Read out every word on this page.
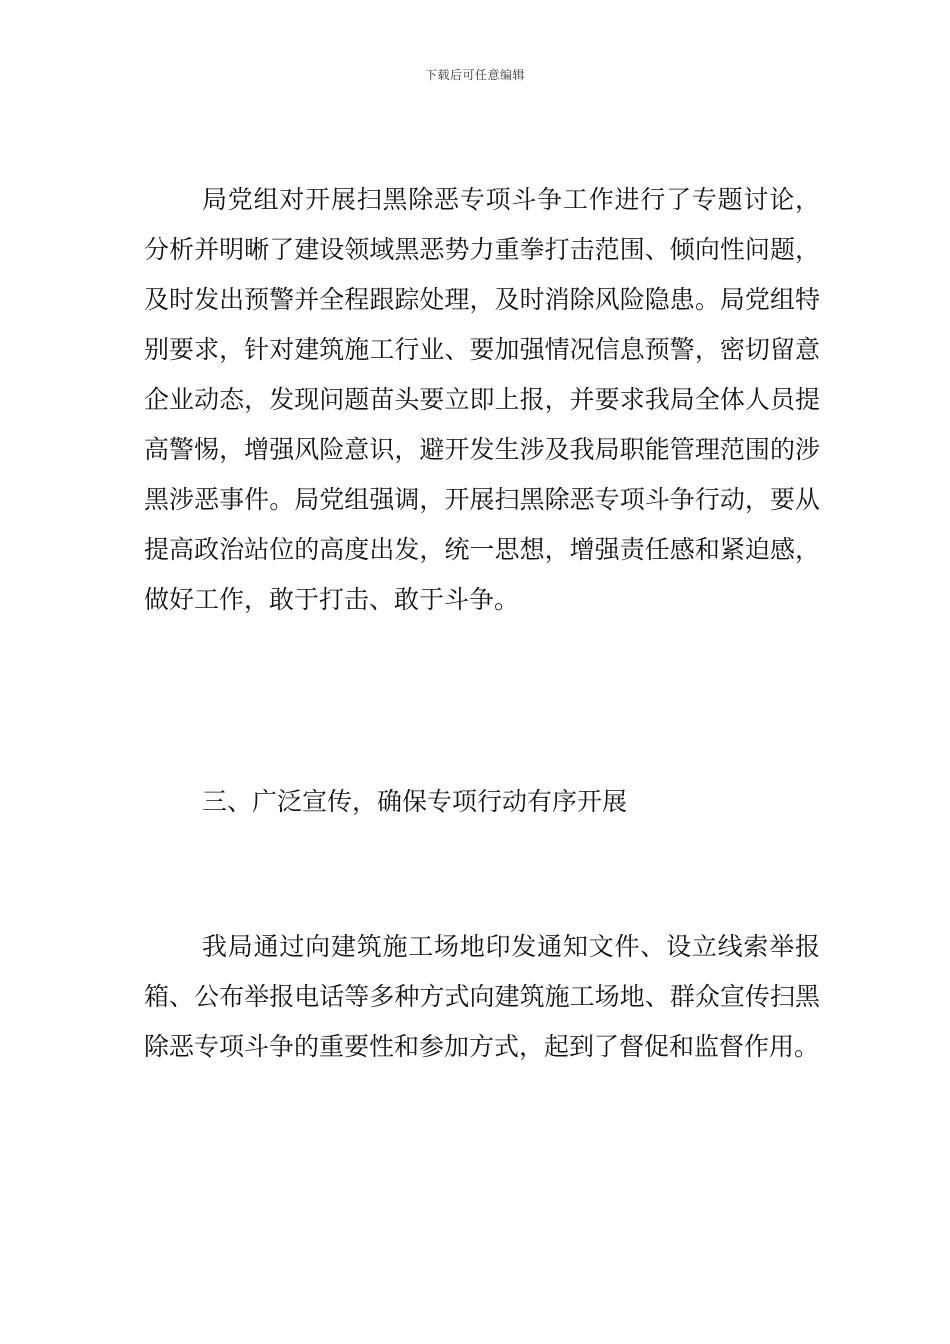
下载后可任意编辑

局党组对开展扫黑除恶专项斗争工作进行了专题讨论，分析并明晰了建设领域黑恶势力重拳打击范围、倾向性问题，及时发出预警并全程跟踪处理，及时消除风险隐患。局党组特别要求，针对建筑施工行业、要加强情况信息预警，密切留意企业动态，发现问题苗头要立即上报，并要求我局全体人员提高警惕，增强风险意识，避开发生涉及我局职能管理范围的涉黑涉恶事件。局党组强调，开展扫黑除恶专项斗争行动，要从提高政治站位的高度出发，统一思想，增强责任感和紧迫感，做好工作，敢于打击、敢于斗争。

三、广泛宣传，确保专项行动有序开展

我局通过向建筑施工场地印发通知文件、设立线索举报箱、公布举报电话等多种方式向建筑施工场地、群众宣传扫黑除恶专项斗争的重要性和参加方式，起到了督促和监督作用。
